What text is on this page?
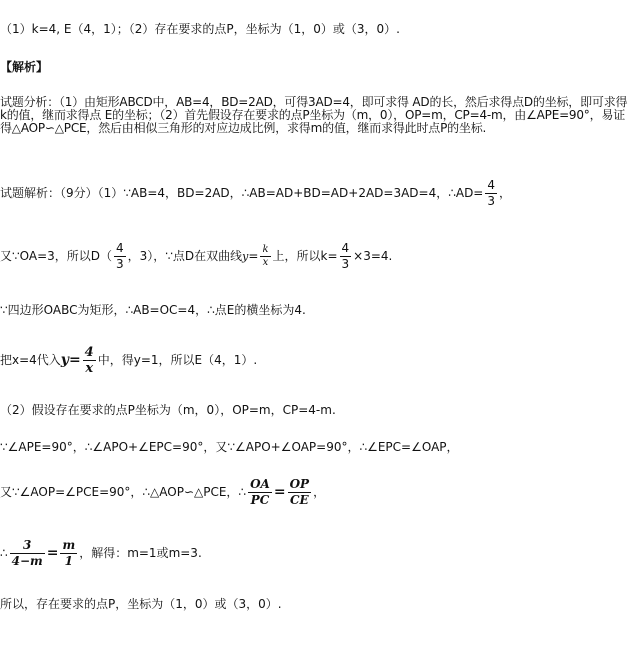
（1）k=4, E（4，1）；（2）存在要求的点P，坐标为（1，0）或（3，0）.
【解析】
试题分析：（1）由矩形ABCD中，AB=4，BD=2AD，可得3AD=4，即可求得 AD的长，然后求得点D的坐标，即可求得k的值，继而求得点 E的坐标；（2）首先假设存在要求的点P坐标为（m，0），OP=m，CP=4-m，由∠APE=90°，易证得△AOP∽△PCE，然后由相似三角形的对应边成比例，求得m的值，继而求得此时点P的坐标.
试题解析：（9分）（1）∵AB=4，BD=2AD，∴AB=AD+BD=AD+2AD=3AD=4，∴AD= $\frac{4}{3}$ ，
又∵OA=3，所以$D( \frac{4}{3}$ ，3），∵点D在双曲线$y= \frac{k}{x}$ 上，所以$k= \frac{4}{3} \times 3=4$.
∵四边形OABC为矩形，∴AB=OC=4，∴点E的横坐标为4.
把x=4代入$y= \frac{4}{x}$ 中，得y=1，所以E（4，1）.
（2）假设存在要求的点P坐标为（m，0），OP=m，CP=4-m.
∵∠APE=90°，∴∠APO+∠EPC=90°，又∵∠APO+∠OAP=90°，∴∠EPC=∠OAP，
又∵∠AOP=∠PCE=90°，∴△AOP∽△PCE，∴ $\frac{OA}{PC} = \frac{OP}{CE}$ ，
∴ $\frac{3}{4-m} = \frac{m}{1}$ ，解得：m=1或m=3.
所以，存在要求的点P，坐标为（1，0）或（3，0）.
